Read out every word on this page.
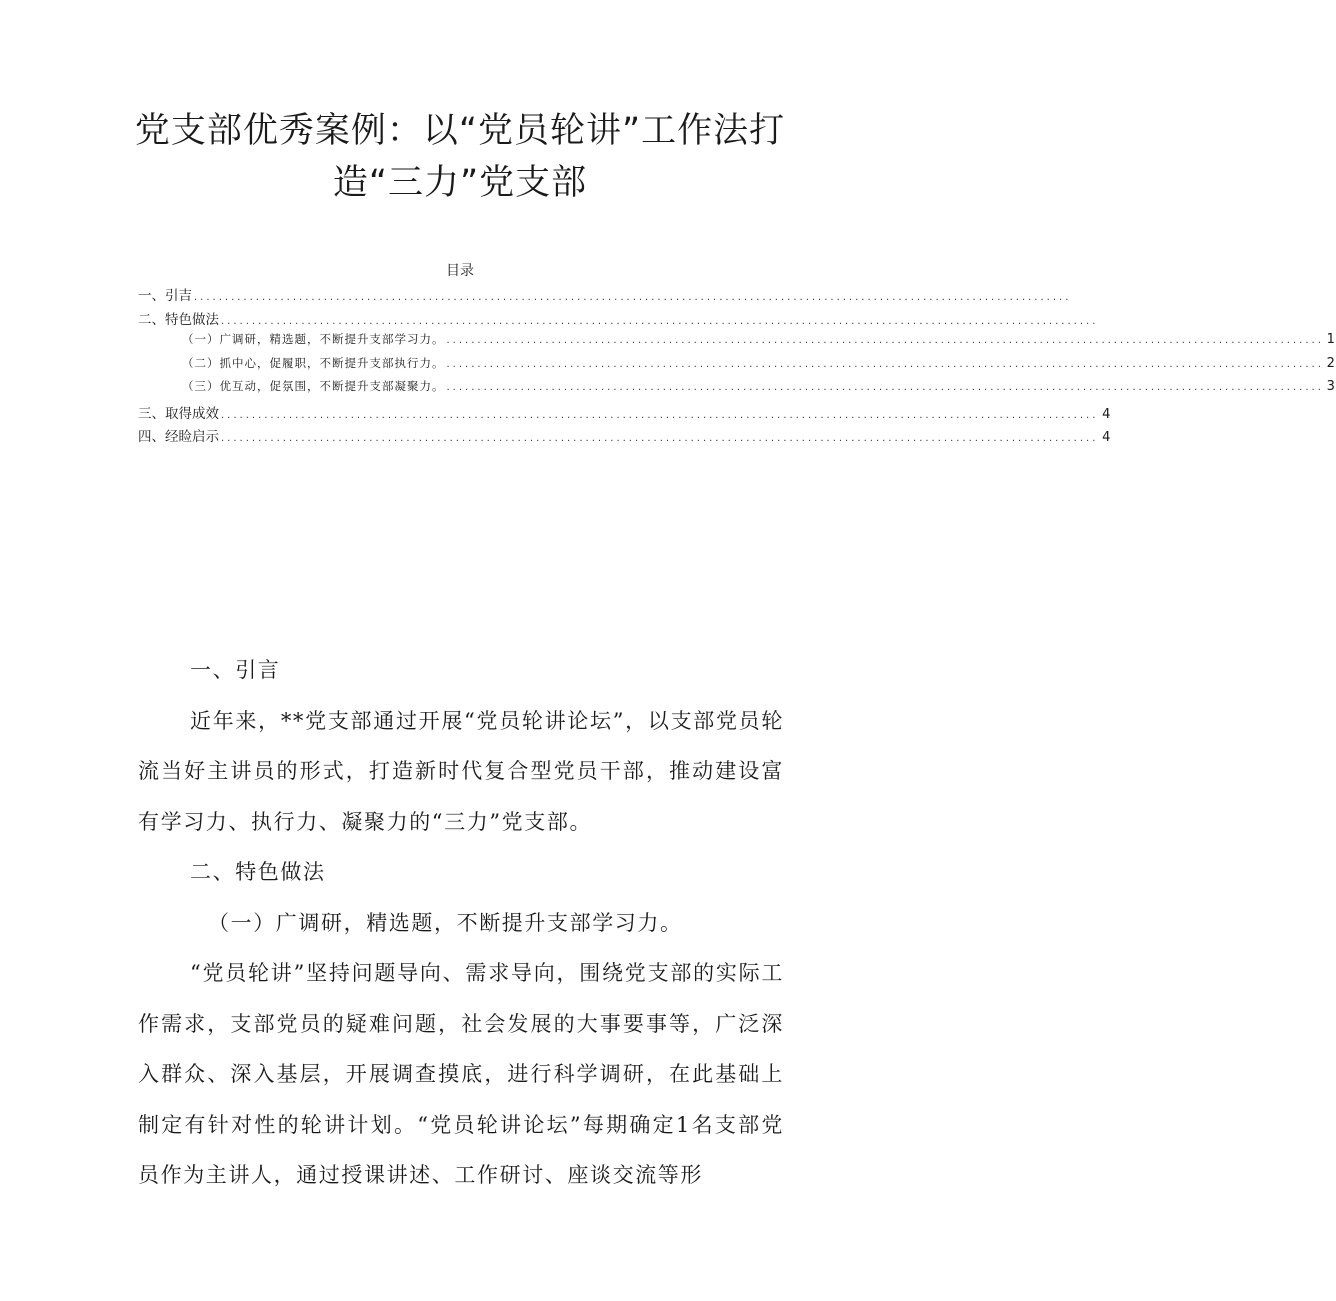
党支部优秀案例：以“党员轮讲”工作法打造“三力”党支部
目录
一、引吉 ..............................................................................................................................................
二、特色做法 ..............................................................................................................................................
（一）广调研，精选题，不断提升支部学习力。 .............................................................................................................................................. 1
（二）抓中心，促履职，不断提升支部执行力。 .............................................................................................................................................. 2
（三）优互动，促氛围，不断提升支部凝聚力。 .............................................................................................................................................. 3
三、取得成效 .............................................................................................................................................. 4
四、经睑启示 .............................................................................................................................................. 4

一、引言

近年来，**党支部通过开展“党员轮讲论坛”，以支部党员轮流当好主讲员的形式，打造新时代复合型党员干部，推动建设富有学习力、执行力、凝聚力的“三力”党支部。

二、特色做法

（一）广调研，精选题，不断提升支部学习力。

“党员轮讲”坚持问题导向、需求导向，围绕党支部的实际工作需求，支部党员的疑难问题，社会发展的大事要事等，广泛深入群众、深入基层，开展调查摸底，进行科学调研，在此基础上制定有针对性的轮讲计划。“党员轮讲论坛”每期确定1名支部党员作为主讲人，通过授课讲述、工作研讨、座谈交流等形
